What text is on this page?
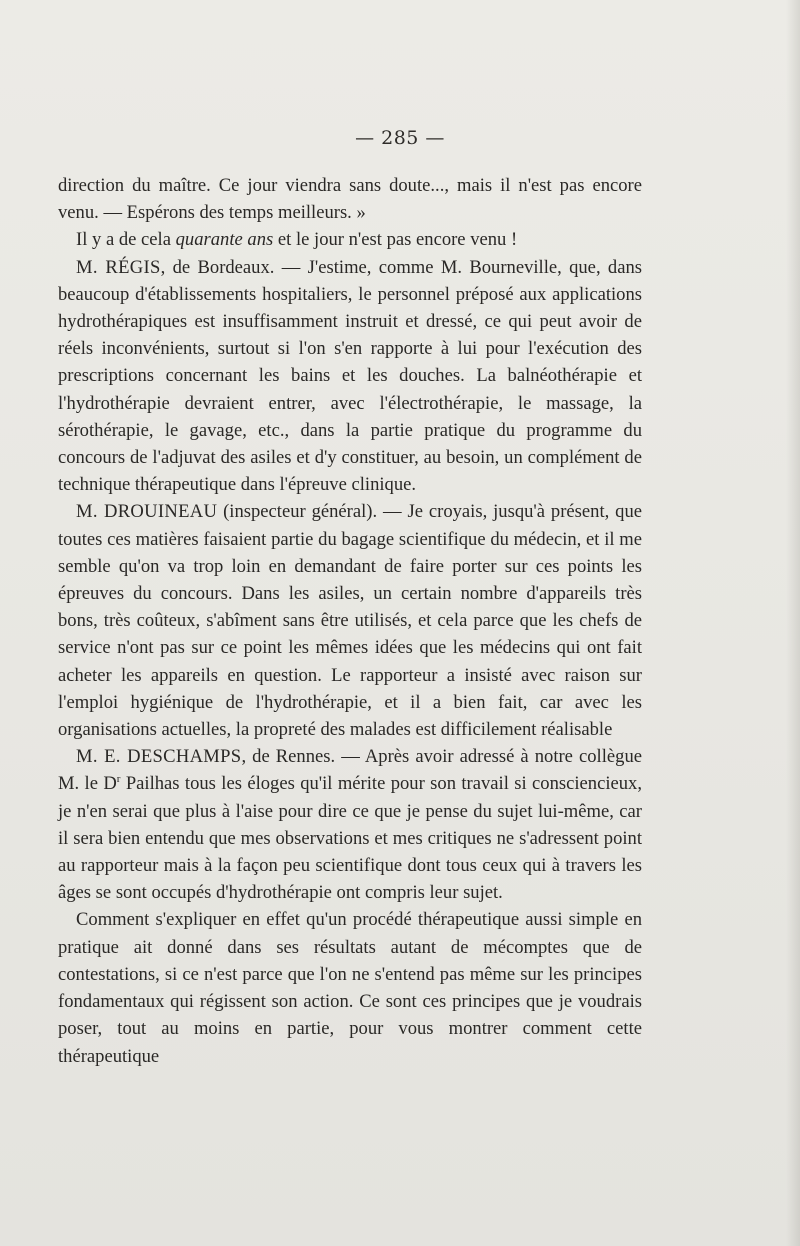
— 285 —

direction du maître. Ce jour viendra sans doute..., mais il n'est pas encore venu. — Espérons des temps meilleurs. »

Il y a de cela quarante ans et le jour n'est pas encore venu !

M. RÉGIS, de Bordeaux. — J'estime, comme M. Bourneville, que, dans beaucoup d'établissements hospitaliers, le personnel préposé aux applications hydrothérapiques est insuffisamment instruit et dressé, ce qui peut avoir de réels inconvénients, surtout si l'on s'en rapporte à lui pour l'exécution des prescriptions concernant les bains et les douches. La balnéothérapie et l'hydrothérapie devraient entrer, avec l'électrothérapie, le massage, la sérothérapie, le gavage, etc., dans la partie pratique du programme du concours de l'adjuvat des asiles et d'y constituer, au besoin, un complément de technique thérapeutique dans l'épreuve clinique.

M. DROUINEAU (inspecteur général). — Je croyais, jusqu'à présent, que toutes ces matières faisaient partie du bagage scientifique du médecin, et il me semble qu'on va trop loin en demandant de faire porter sur ces points les épreuves du concours. Dans les asiles, un certain nombre d'appareils très bons, très coûteux, s'abîment sans être utilisés, et cela parce que les chefs de service n'ont pas sur ce point les mêmes idées que les médecins qui ont fait acheter les appareils en question. Le rapporteur a insisté avec raison sur l'emploi hygiénique de l'hydrothérapie, et il a bien fait, car avec les organisations actuelles, la propreté des malades est difficilement réalisable

M. E. DESCHAMPS, de Rennes. — Après avoir adressé à notre collègue M. le $D^r$ Pailhas tous les éloges qu'il mérite pour son travail si consciencieux, je n'en serai que plus à l'aise pour dire ce que je pense du sujet lui-même, car il sera bien entendu que mes observations et mes critiques ne s'adressent point au rapporteur mais à la façon peu scientifique dont tous ceux qui à travers les âges se sont occupés d'hydrothérapie ont compris leur sujet.

Comment s'expliquer en effet qu'un procédé thérapeutique aussi simple en pratique ait donné dans ses résultats autant de mécomptes que de contestations, si ce n'est parce que l'on ne s'entend pas même sur les principes fondamentaux qui régissent son action. Ce sont ces principes que je voudrais poser, tout au moins en partie, pour vous montrer comment cette thérapeutique
